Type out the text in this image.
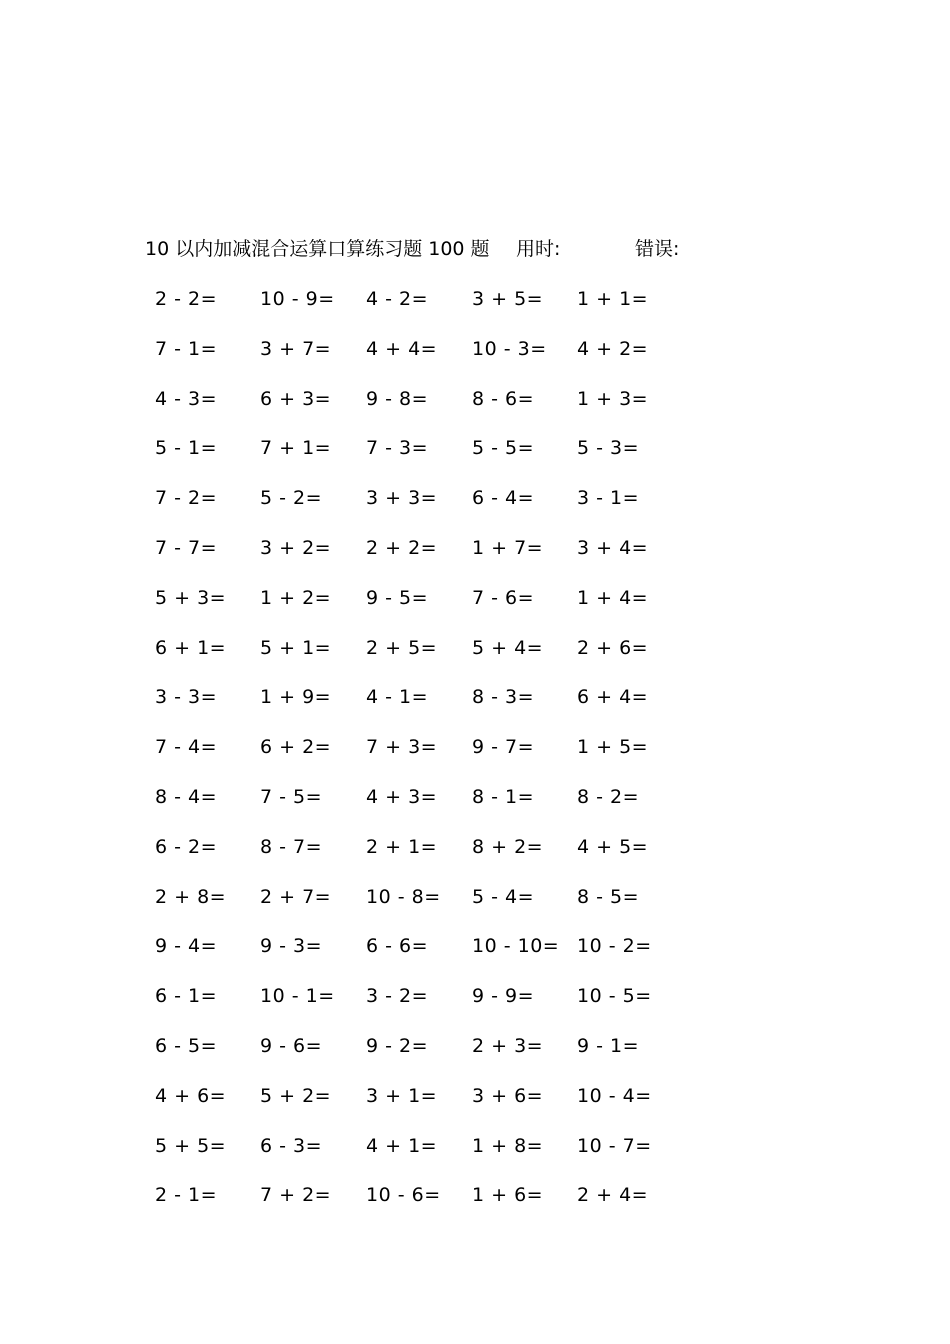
10 以内加减混合运算口算练习题 100 题 用时:	错误:
2 - 2= 10 - 9= 4 - 2= 3 + 5= 1 + 1=
7 - 1= 3 + 7= 4 + 4= 10 - 3= 4 + 2=
4 - 3= 6 + 3= 9 - 8= 8 - 6= 1 + 3=
5 - 1= 7 + 1= 7 - 3= 5 - 5= 5 - 3=
7 - 2= 5 - 2= 3 + 3= 6 - 4= 3 - 1=
7 - 7= 3 + 2= 2 + 2= 1 + 7= 3 + 4=
5 + 3= 1 + 2= 9 - 5= 7 - 6= 1 + 4=
6 + 1= 5 + 1= 2 + 5= 5 + 4= 2 + 6=
3 - 3= 1 + 9= 4 - 1= 8 - 3= 6 + 4=
7 - 4= 6 + 2= 7 + 3= 9 - 7= 1 + 5=
8 - 4= 7 - 5= 4 + 3= 8 - 1= 8 - 2=
6 - 2= 8 - 7= 2 + 1= 8 + 2= 4 + 5=
2 + 8= 2 + 7= 10 - 8= 5 - 4= 8 - 5=
9 - 4= 9 - 3= 6 - 6= 10 - 10= 10 - 2=
6 - 1= 10 - 1= 3 - 2= 9 - 9= 10 - 5=
6 - 5= 9 - 6= 9 - 2= 2 + 3= 9 - 1=
4 + 6= 5 + 2= 3 + 1= 3 + 6= 10 - 4=
5 + 5= 6 - 3= 4 + 1= 1 + 8= 10 - 7=
2 - 1= 7 + 2= 10 - 6= 1 + 6= 2 + 4=
